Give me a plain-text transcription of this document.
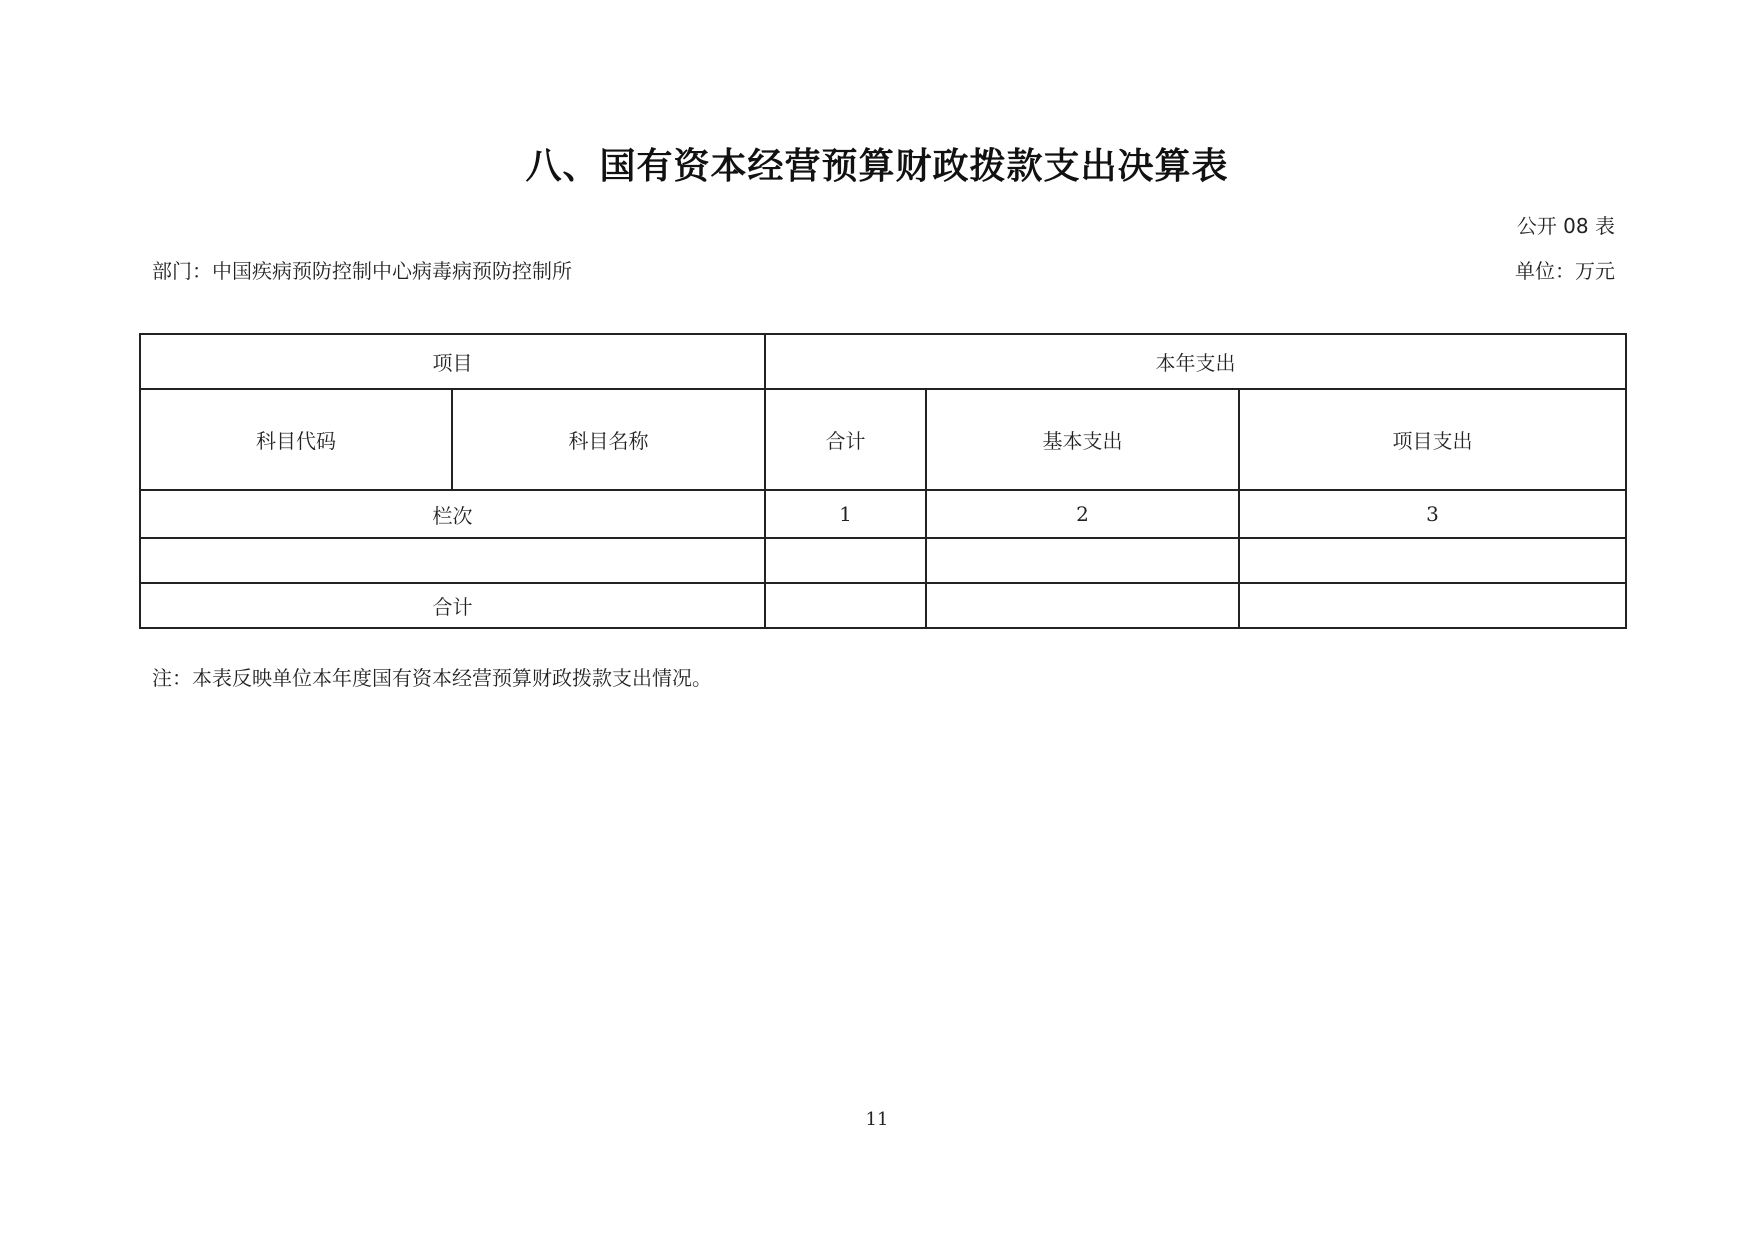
八、国有资本经营预算财政拨款支出决算表
公开 08 表
部门：中国疾病预防控制中心病毒病预防控制所	单位：万元
项目		本年支出		
科目代码	科目名称	合计	基本支出	项目支出
栏次		1	2	3

合计				
注：本表反映单位本年度国有资本经营预算财政拨款支出情况。
11
